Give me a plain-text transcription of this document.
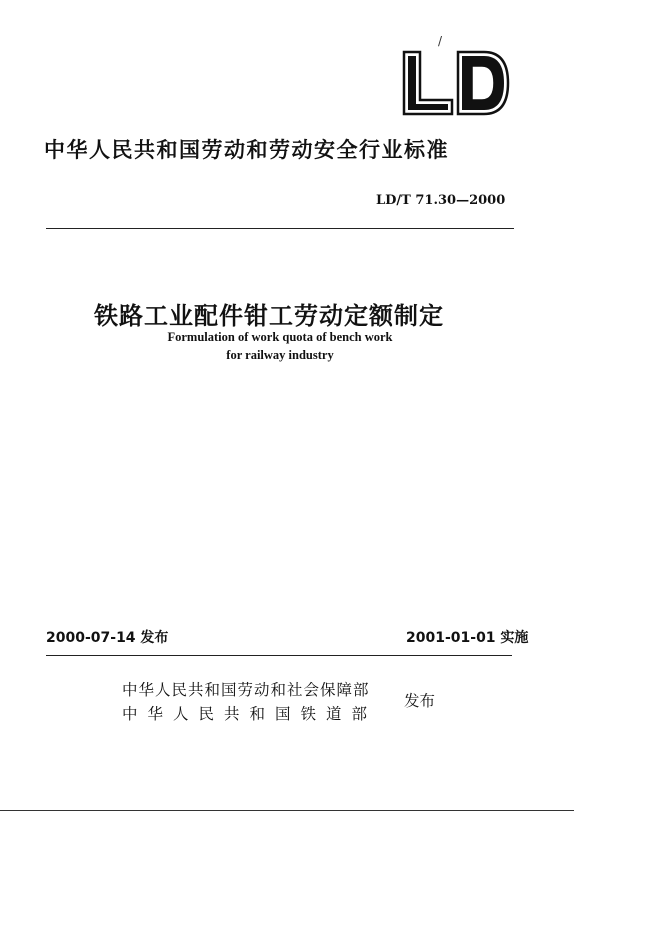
/
中华人民共和国劳动和劳动安全行业标准
LD/T 71.30—2000
铁路工业配件钳工劳动定额制定
Formulation of work quota of bench work
for railway industry
2000-07-14 发布	2001-01-01 实施
中华人民共和国劳动和社会保障部
中华人民共和国铁道部
发布
